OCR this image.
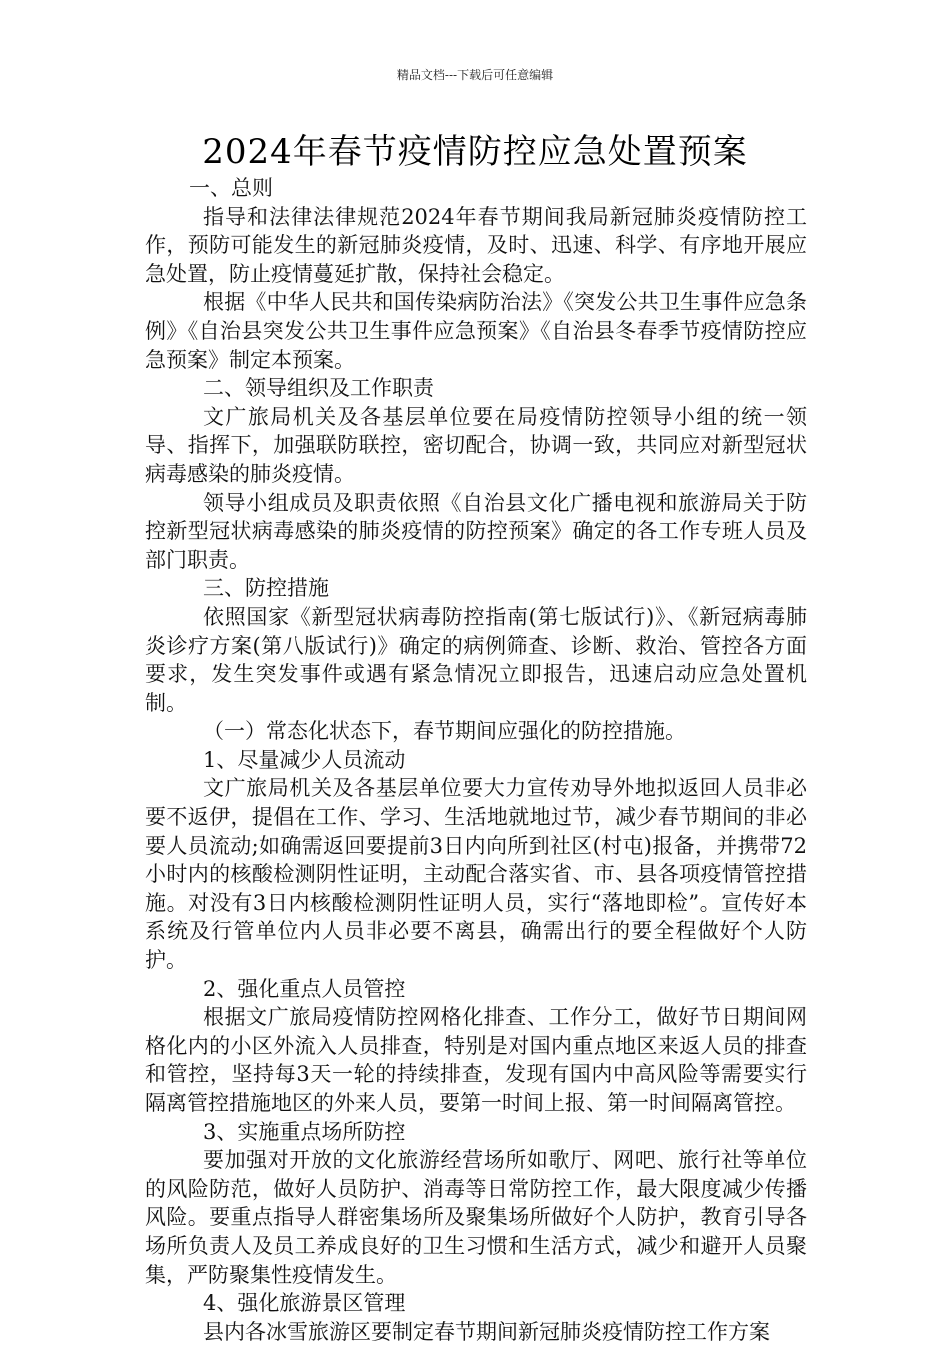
精品文档---下载后可任意编辑
2024年春节疫情防控应急处置预案

一、总则

指导和法律法律规范2024年春节期间我局新冠肺炎疫情防控工作，预防可能发生的新冠肺炎疫情，及时、迅速、科学、有序地开展应急处置，防止疫情蔓延扩散，保持社会稳定。

根据《中华人民共和国传染病防治法》《突发公共卫生事件应急条例》《自治县突发公共卫生事件应急预案》《自治县冬春季节疫情防控应急预案》制定本预案。

二、领导组织及工作职责

文广旅局机关及各基层单位要在局疫情防控领导小组的统一领导、指挥下，加强联防联控，密切配合，协调一致，共同应对新型冠状病毒感染的肺炎疫情。

领导小组成员及职责依照《自治县文化广播电视和旅游局关于防控新型冠状病毒感染的肺炎疫情的防控预案》确定的各工作专班人员及部门职责。

三、防控措施

依照国家《新型冠状病毒防控指南(第七版试行)》、《新冠病毒肺炎诊疗方案(第八版试行)》确定的病例筛查、诊断、救治、管控各方面要求，发生突发事件或遇有紧急情况立即报告，迅速启动应急处置机制。

（一）常态化状态下，春节期间应强化的防控措施。

1、尽量减少人员流动

文广旅局机关及各基层单位要大力宣传劝导外地拟返回人员非必要不返伊，提倡在工作、学习、生活地就地过节，减少春节期间的非必要人员流动;如确需返回要提前3日内向所到社区(村屯)报备，并携带72小时内的核酸检测阴性证明，主动配合落实省、市、县各项疫情管控措施。对没有3日内核酸检测阴性证明人员，实行“落地即检”。宣传好本系统及行管单位内人员非必要不离县，确需出行的要全程做好个人防护。

2、强化重点人员管控

根据文广旅局疫情防控网格化排查、工作分工，做好节日期间网格化内的小区外流入人员排查，特别是对国内重点地区来返人员的排查和管控，坚持每3天一轮的持续排查，发现有国内中高风险等需要实行隔离管控措施地区的外来人员，要第一时间上报、第一时间隔离管控。

3、实施重点场所防控

要加强对开放的文化旅游经营场所如歌厅、网吧、旅行社等单位的风险防范，做好人员防护、消毒等日常防控工作，最大限度减少传播风险。要重点指导人群密集场所及聚集场所做好个人防护，教育引导各场所负责人及员工养成良好的卫生习惯和生活方式，减少和避开人员聚集，严防聚集性疫情发生。

4、强化旅游景区管理

县内各冰雪旅游区要制定春节期间新冠肺炎疫情防控工作方案
